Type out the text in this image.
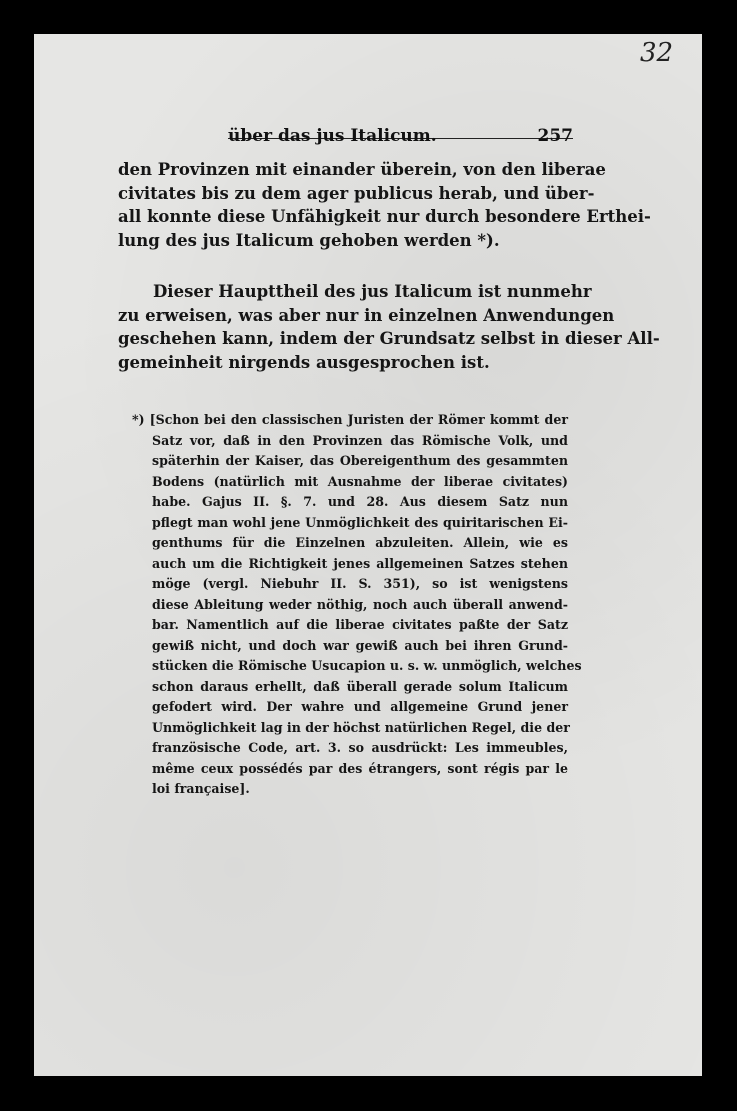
32
über das jus Italicum.	257
den Provinzen mit einander überein, von den liberae
civitates bis zu dem ager publicus herab, und über-
all konnte diese Unfähigkeit nur durch besondere Erthei-
lung des jus Italicum gehoben werden *).
Dieser Haupttheil des jus Italicum ist nunmehr
zu erweisen, was aber nur in einzelnen Anwendungen
geschehen kann, indem der Grundsatz selbst in dieser All-
gemeinheit nirgends ausgesprochen ist.
*) [Schon bei den classischen Juristen der Römer kommt der
Satz vor, daß in den Provinzen das Römische Volk, und
späterhin der Kaiser, das Obereigenthum des gesammten
Bodens (natürlich mit Ausnahme der liberae civitates)
habe. Gajus II. §. 7. und 28. Aus diesem Satz nun
pflegt man wohl jene Unmöglichkeit des quiritarischen Ei-
genthums für die Einzelnen abzuleiten. Allein, wie es
auch um die Richtigkeit jenes allgemeinen Satzes stehen
möge (vergl. Niebuhr II. S. 351), so ist wenigstens
diese Ableitung weder nöthig, noch auch überall anwend-
bar. Namentlich auf die liberae civitates paßte der Satz
gewiß nicht, und doch war gewiß auch bei ihren Grund-
stücken die Römische Usucapion u. s. w. unmöglich, welches
schon daraus erhellt, daß überall gerade solum Italicum
gefodert wird. Der wahre und allgemeine Grund jener
Unmöglichkeit lag in der höchst natürlichen Regel, die der
französische Code, art. 3. so ausdrückt: Les immeubles,
même ceux possédés par des étrangers, sont régis par le
loi française].
